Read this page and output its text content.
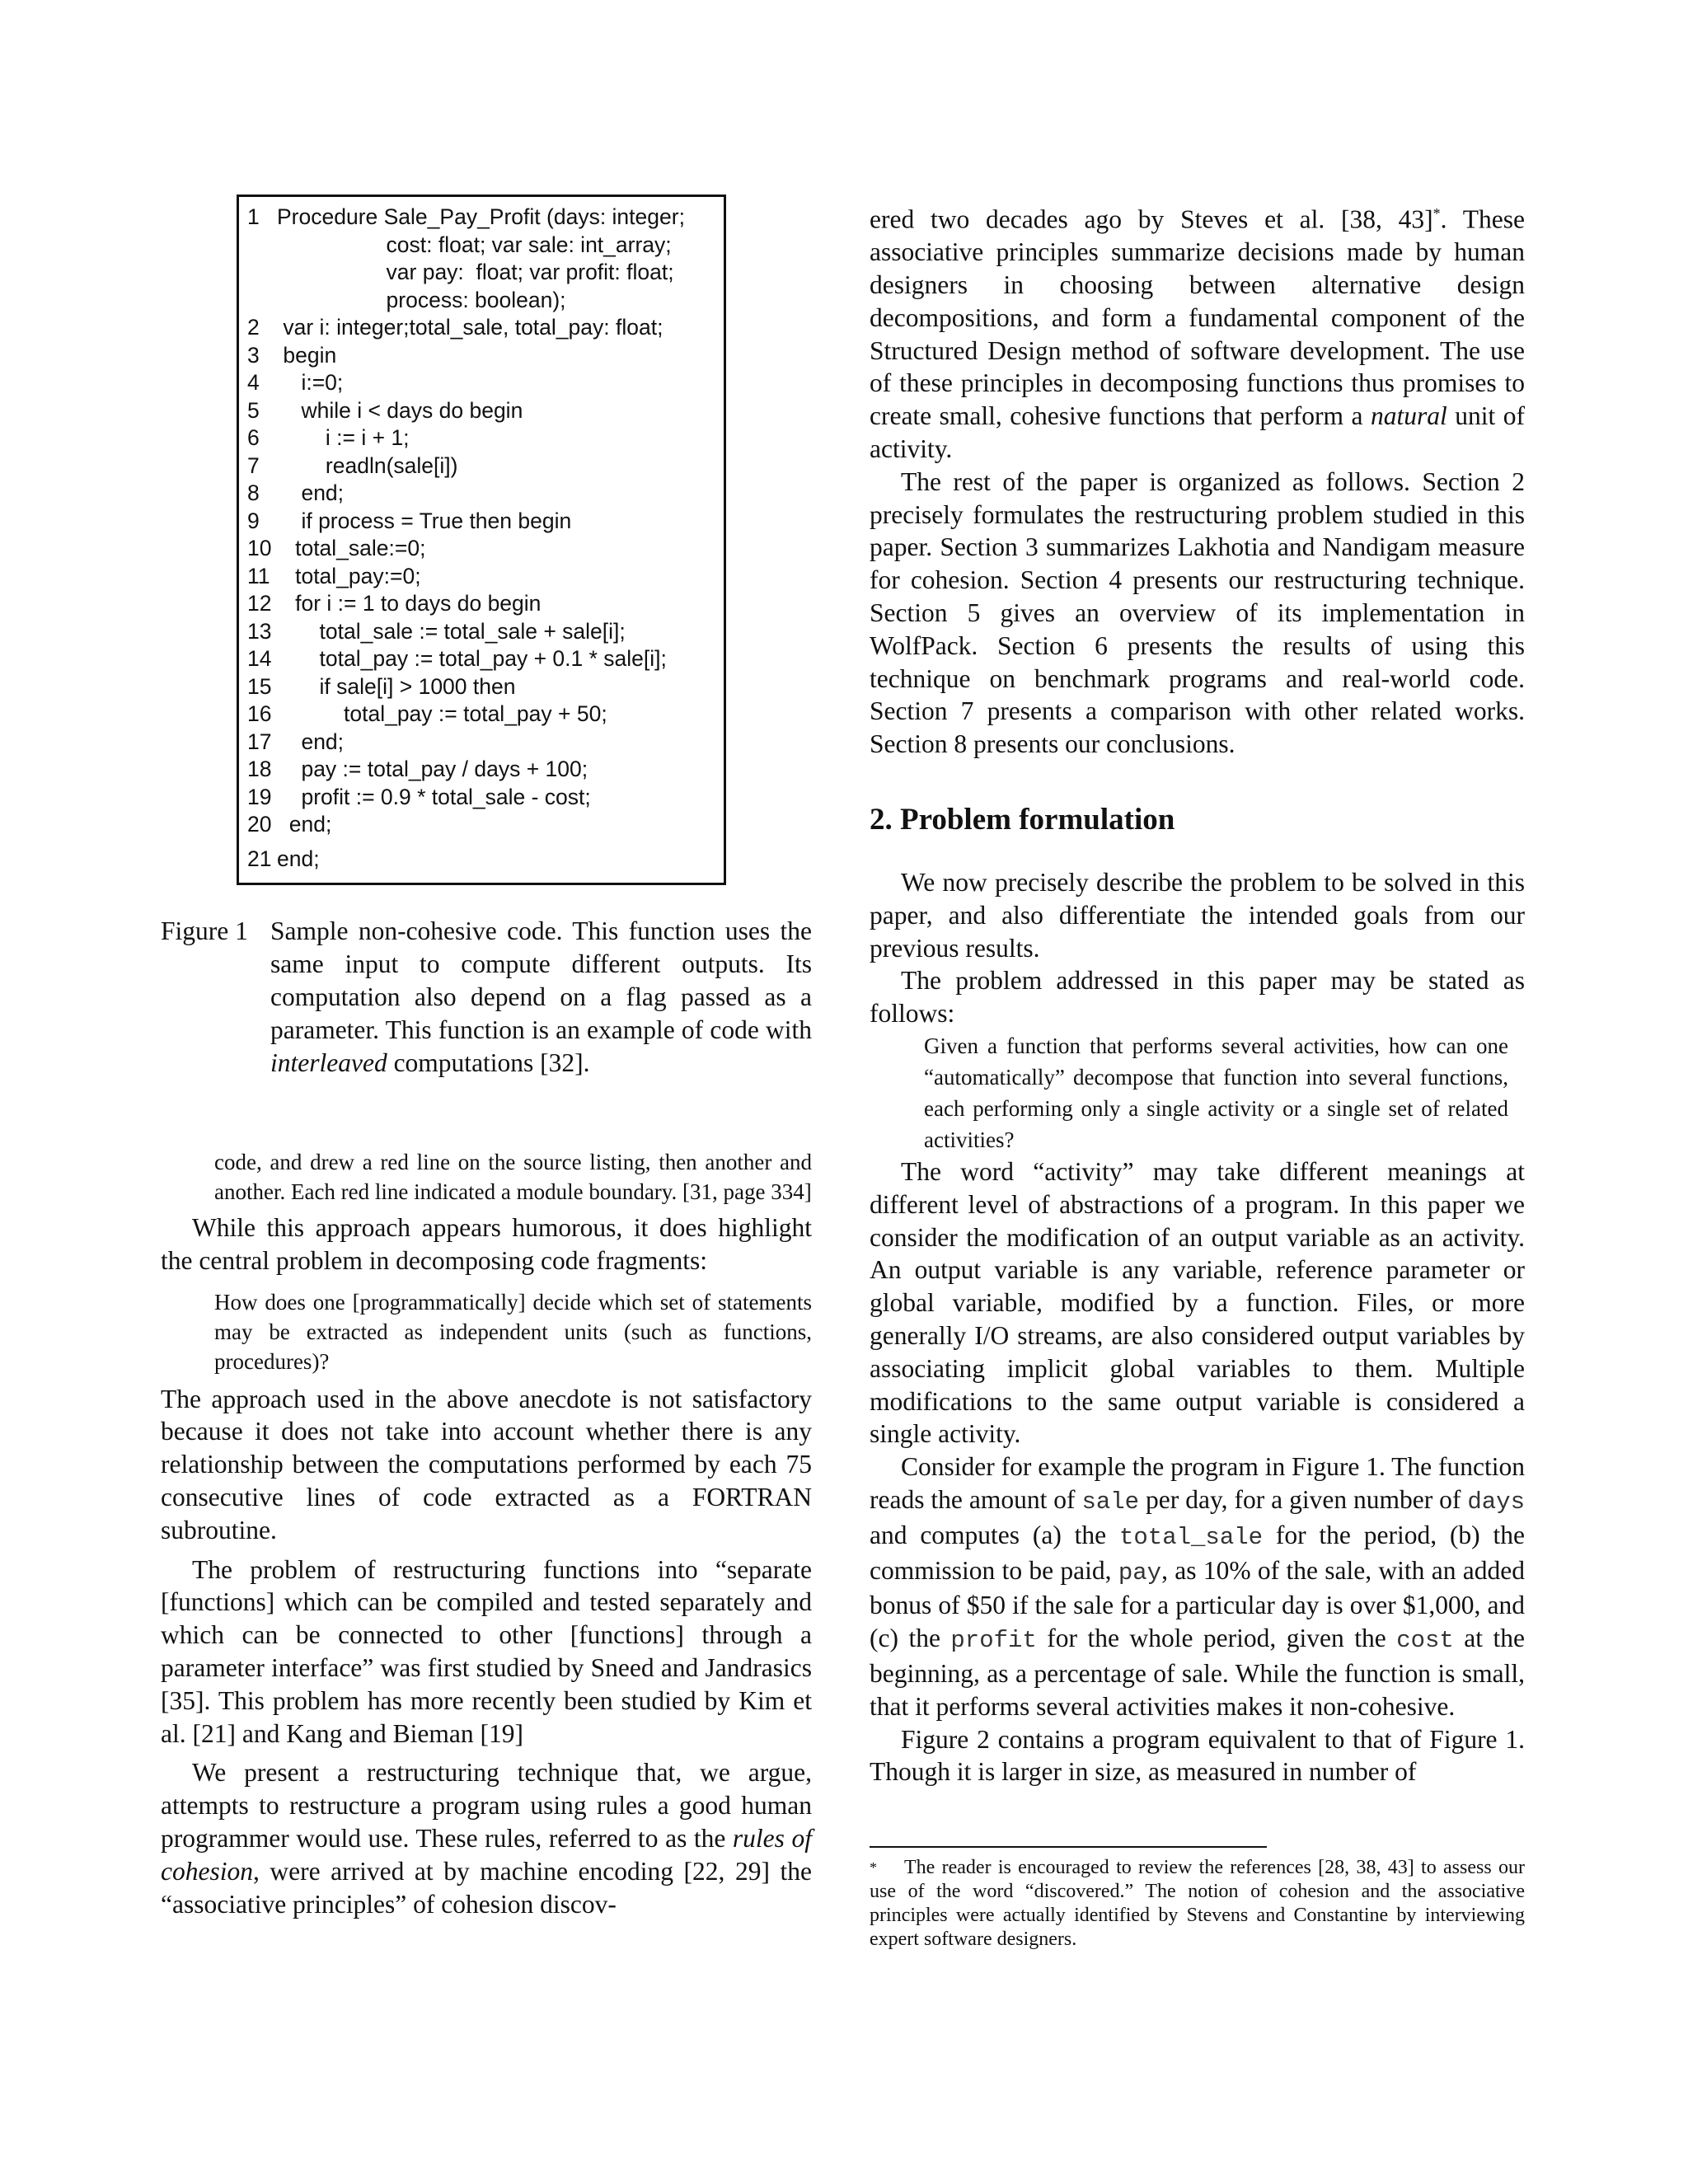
1 Procedure Sale_Pay_Profit (days: integer;
cost: float; var sale: int_array;
var pay:  float; var profit: float;
process: boolean);
2 var i: integer;total_sale, total_pay: float;
3 begin
4 i:=0;
5 while i < days do begin
6 i := i + 1;
7 readln(sale[i])
8 end;
9 if process = True then begin
10 total_sale:=0;
11 total_pay:=0;
12 for i := 1 to days do begin
13 total_sale := total_sale + sale[i];
14 total_pay := total_pay + 0.1 * sale[i];
15 if sale[i] > 1000 then
16 total_pay := total_pay + 50;
17 end;
18 pay := total_pay / days + 100;
19 profit := 0.9 * total_sale - cost;
20 end;
21 end;
Figure 1 Sample non-cohesive code. This function uses the same input to compute different outputs. Its computation also depend on a flag passed as a parameter. This function is an example of code with interleaved computations [32].

code, and drew a red line on the source listing, then another and another. Each red line indicated a module boundary. [31, page 334]

While this approach appears humorous, it does highlight the central problem in decomposing code fragments:

How does one [programmatically] decide which set of statements may be extracted as independent units (such as functions, procedures)?

The approach used in the above anecdote is not satisfactory because it does not take into account whether there is any relationship between the computations performed by each 75 consecutive lines of code extracted as a FORTRAN subroutine.

The problem of restructuring functions into “separate [functions] which can be compiled and tested separately and which can be connected to other [functions] through a parameter interface” was first studied by Sneed and Jandrasics [35]. This problem has more recently been studied by Kim et al. [21] and Kang and Bieman [19]

We present a restructuring technique that, we argue, attempts to restructure a program using rules a good human programmer would use. These rules, referred to as the rules of cohesion, were arrived at by machine encoding [22, 29] the “associative principles” of cohesion discov-

ered two decades ago by Steves et al. [38, 43]*. These associative principles summarize decisions made by human designers in choosing between alternative design decompositions, and form a fundamental component of the Structured Design method of software development. The use of these principles in decomposing functions thus promises to create small, cohesive functions that perform a natural unit of activity.

The rest of the paper is organized as follows. Section 2 precisely formulates the restructuring problem studied in this paper. Section 3 summarizes Lakhotia and Nandigam measure for cohesion. Section 4 presents our restructuring technique. Section 5 gives an overview of its implementation in WolfPack. Section 6 presents the results of using this technique on benchmark programs and real-world code. Section 7 presents a comparison with other related works. Section 8 presents our conclusions.

2. Problem formulation

We now precisely describe the problem to be solved in this paper, and also differentiate the intended goals from our previous results.

The problem addressed in this paper may be stated as follows:

Given a function that performs several activities, how can one “automatically” decompose that function into several functions, each performing only a single activity or a single set of related activities?

The word “activity” may take different meanings at different level of abstractions of a program. In this paper we consider the modification of an output variable as an activity. An output variable is any variable, reference parameter or global variable, modified by a function. Files, or more generally I/O streams, are also considered output variables by associating implicit global variables to them. Multiple modifications to the same output variable is considered a single activity.

Consider for example the program in Figure 1. The function reads the amount of sale per day, for a given number of days and computes (a) the total_sale for the period, (b) the commission to be paid, pay, as 10% of the sale, with an added bonus of $50 if the sale for a particular day is over $1,000, and (c) the profit for the whole period, given the cost at the beginning, as a percentage of sale. While the function is small, that it performs several activities makes it non-cohesive.

Figure 2 contains a program equivalent to that of Figure 1. Though it is larger in size, as measured in number of

* The reader is encouraged to review the references [28, 38, 43] to assess our use of the word “discovered.” The notion of cohesion and the associative principles were actually identified by Stevens and Constantine by interviewing expert software designers.
